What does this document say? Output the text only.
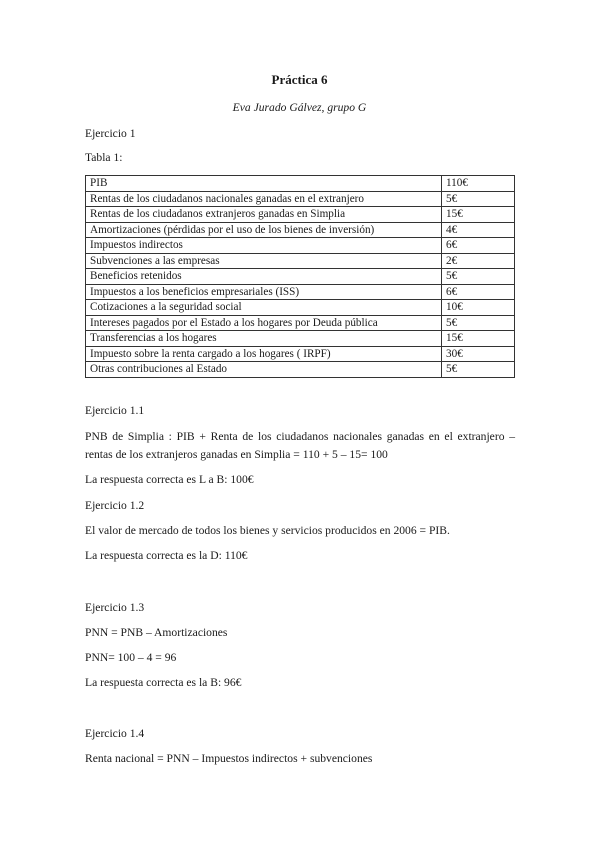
Práctica 6
Eva Jurado Gálvez, grupo G
Ejercicio 1
Tabla 1:
PIB	110€
Rentas de los ciudadanos nacionales ganadas en el extranjero	5€
Rentas de los ciudadanos extranjeros ganadas en Simplia	15€
Amortizaciones (pérdidas por el uso de los bienes de inversión)	4€
Impuestos indirectos	6€
Subvenciones a las empresas	2€
Beneficios retenidos	5€
Impuestos a los beneficios empresariales (ISS)	6€
Cotizaciones a la seguridad social	10€
Intereses pagados por el Estado a los hogares por Deuda pública	5€
Transferencias a los hogares	15€
Impuesto sobre la renta cargado a los hogares ( IRPF)	30€
Otras contribuciones al Estado	5€
Ejercicio 1.1
PNB de Simplia : PIB + Renta de los ciudadanos nacionales ganadas en el extranjero – rentas de los extranjeros ganadas en Simplia = 110 + 5 – 15= 100
La respuesta correcta es L a B: 100€
Ejercicio 1.2
El valor de mercado de todos los bienes y servicios producidos en 2006 = PIB.
La respuesta correcta es la D: 110€
Ejercicio 1.3
PNN = PNB – Amortizaciones
PNN= 100 – 4 = 96
La respuesta correcta es la B: 96€
Ejercicio 1.4
Renta nacional = PNN – Impuestos indirectos + subvenciones
